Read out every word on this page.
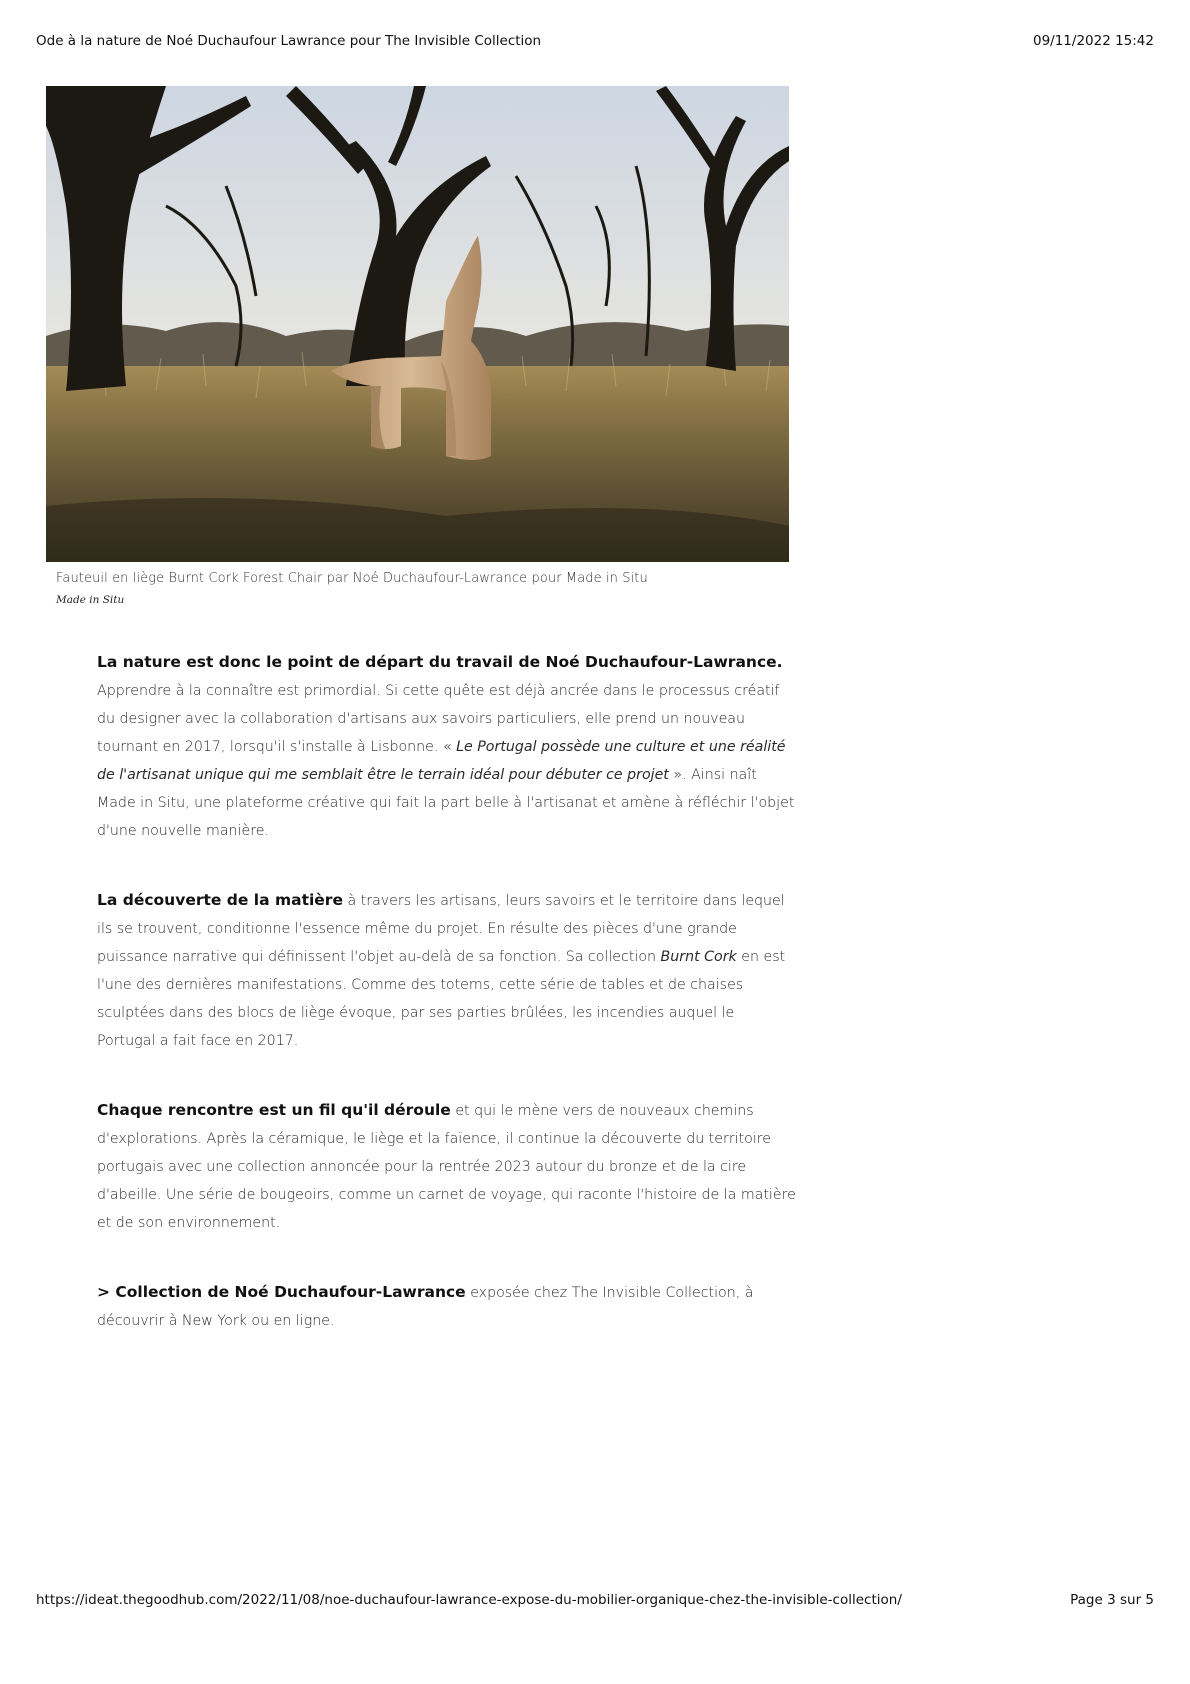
Ode à la nature de Noé Duchaufour Lawrance pour The Invisible Collection	09/11/2022 15:42
Fauteuil en liège Burnt Cork Forest Chair par Noé Duchaufour-Lawrance pour Made in Situ
Made in Situ

La nature est donc le point de départ du travail de Noé Duchaufour-Lawrance. Apprendre à la connaître est primordial. Si cette quête est déjà ancrée dans le processus créatif du designer avec la collaboration d'artisans aux savoirs particuliers, elle prend un nouveau tournant en 2017, lorsqu'il s'installe à Lisbonne. « Le Portugal possède une culture et une réalité de l'artisanat unique qui me semblait être le terrain idéal pour débuter ce projet ». Ainsi naît Made in Situ, une plateforme créative qui fait la part belle à l'artisanat et amène à réfléchir l'objet d'une nouvelle manière.

La découverte de la matière à travers les artisans, leurs savoirs et le territoire dans lequel ils se trouvent, conditionne l'essence même du projet. En résulte des pièces d'une grande puissance narrative qui définissent l'objet au-delà de sa fonction. Sa collection Burnt Cork en est l'une des dernières manifestations. Comme des totems, cette série de tables et de chaises sculptées dans des blocs de liège évoque, par ses parties brûlées, les incendies auquel le Portugal a fait face en 2017.

Chaque rencontre est un fil qu'il déroule et qui le mène vers de nouveaux chemins d'explorations. Après la céramique, le liège et la faïence, il continue la découverte du territoire portugais avec une collection annoncée pour la rentrée 2023 autour du bronze et de la cire d'abeille. Une série de bougeoirs, comme un carnet de voyage, qui raconte l'histoire de la matière et de son environnement.

> Collection de Noé Duchaufour-Lawrance exposée chez The Invisible Collection, à découvrir à New York ou en ligne.

https://ideat.thegoodhub.com/2022/11/08/noe-duchaufour-lawrance-expose-du-mobilier-organique-chez-the-invisible-collection/	Page 3 sur 5
